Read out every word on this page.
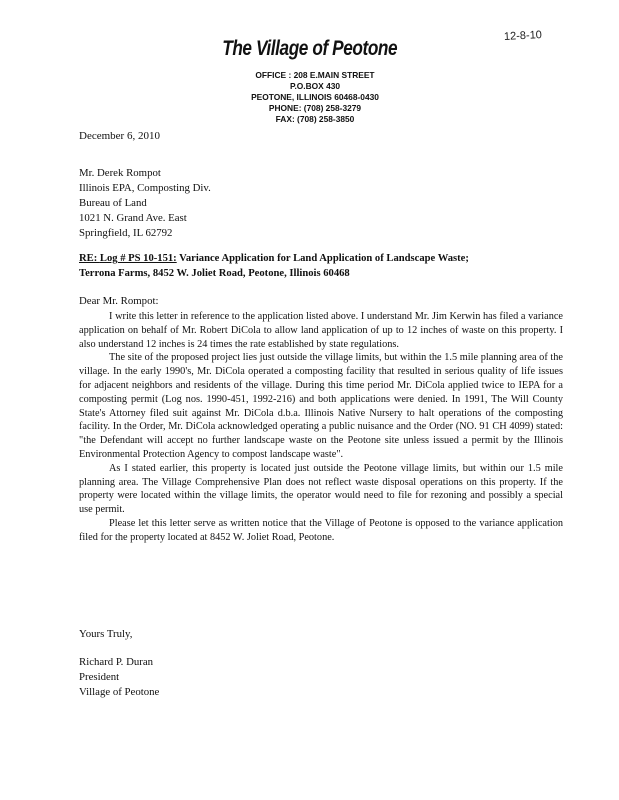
12-8-10
The Village of Peotone
OFFICE : 208 E.MAIN STREET
P.O.BOX 430
PEOTONE, ILLINOIS 60468-0430
PHONE: (708) 258-3279
FAX: (708) 258-3850
December 6, 2010
Mr. Derek Rompot
Illinois EPA, Composting Div.
Bureau of Land
1021 N. Grand Ave. East
Springfield, IL 62792
RE: Log # PS 10-151: Variance Application for Land Application of Landscape Waste;
Terrona Farms, 8452 W. Joliet Road, Peotone, Illinois 60468
Dear Mr. Rompot:

I write this letter in reference to the application listed above. I understand Mr. Jim Kerwin has filed a variance application on behalf of Mr. Robert DiCola to allow land application of up to 12 inches of waste on this property. I also understand 12 inches is 24 times the rate established by state regulations.

The site of the proposed project lies just outside the village limits, but within the 1.5 mile planning area of the village. In the early 1990's, Mr. DiCola operated a composting facility that resulted in serious quality of life issues for adjacent neighbors and residents of the village. During this time period Mr. DiCola applied twice to IEPA for a composting permit (Log nos. 1990-451, 1992-216) and both applications were denied. In 1991, The Will County State's Attorney filed suit against Mr. DiCola d.b.a. Illinois Native Nursery to halt operations of the composting facility. In the Order, Mr. DiCola acknowledged operating a public nuisance and the Order (NO. 91 CH 4099) stated: "the Defendant will accept no further landscape waste on the Peotone site unless issued a permit by the Illinois Environmental Protection Agency to compost landscape waste".

As I stated earlier, this property is located just outside the Peotone village limits, but within our 1.5 mile planning area. The Village Comprehensive Plan does not reflect waste disposal operations on this property. If the property were located within the village limits, the operator would need to file for rezoning and possibly a special use permit.

Please let this letter serve as written notice that the Village of Peotone is opposed to the variance application filed for the property located at 8452 W. Joliet Road, Peotone.

Yours Truly,
Richard P. Duran
President
Village of Peotone
